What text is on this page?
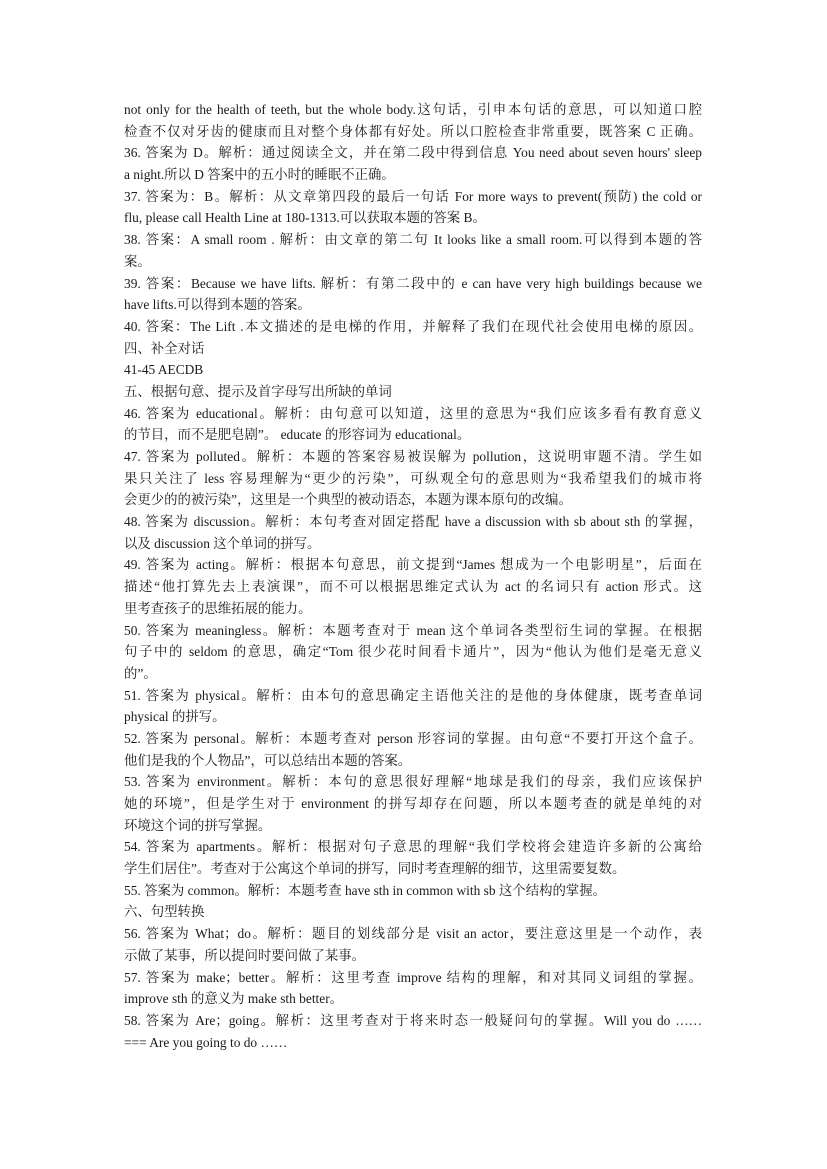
not only for the health of teeth, but the whole body.这句话，引申本句话的意思，可以知道口腔
检查不仅对牙齿的健康而且对整个身体都有好处。所以口腔检查非常重要，既答案 C 正确。
36. 答案为 D。解析：通过阅读全文，并在第二段中得到信息 You need about seven hours' sleep
a night.所以 D 答案中的五小时的睡眠不正确。
37. 答案为：B。解析：从文章第四段的最后一句话 For more ways to prevent(预防) the cold or
flu, please call Health Line at 180-1313.可以获取本题的答案 B。
38. 答案：A small room . 解析：由文章的第二句 It looks like a small room.可以得到本题的答
案。
39. 答案：Because we have lifts. 解析：有第二段中的 e can have very high buildings because we
have lifts.可以得到本题的答案。
40. 答案：The Lift .本文描述的是电梯的作用，并解释了我们在现代社会使用电梯的原因。
四、补全对话
41-45 AECDB
五、根据句意、提示及首字母写出所缺的单词
46. 答案为 educational。解析：由句意可以知道，这里的意思为“我们应该多看有教育意义
的节目，而不是肥皂剧”。 educate 的形容词为 educational。
47. 答案为 polluted。解析：本题的答案容易被误解为 pollution，这说明审题不清。学生如
果只关注了 less 容易理解为“更少的污染”，可纵观全句的意思则为“我希望我们的城市将
会更少的的被污染”，这里是一个典型的被动语态，本题为课本原句的改编。
48. 答案为 discussion。解析：本句考查对固定搭配 have a discussion with sb about sth 的掌握，
以及 discussion 这个单词的拼写。
49. 答案为 acting。解析：根据本句意思，前文提到“James 想成为一个电影明星”，后面在
描述“他打算先去上表演课”，而不可以根据思维定式认为 act 的名词只有 action 形式。这
里考查孩子的思维拓展的能力。
50. 答案为 meaningless。解析：本题考查对于 mean 这个单词各类型衍生词的掌握。在根据
句子中的 seldom 的意思，确定“Tom 很少花时间看卡通片”，因为“他认为他们是毫无意义
的”。
51. 答案为 physical。解析：由本句的意思确定主语他关注的是他的身体健康，既考查单词
physical 的拼写。
52. 答案为 personal。解析：本题考查对 person 形容词的掌握。由句意“不要打开这个盒子。
他们是我的个人物品”，可以总结出本题的答案。
53. 答案为 environment。解析：本句的意思很好理解“地球是我们的母亲，我们应该保护
她的环境”，但是学生对于 environment 的拼写却存在问题，所以本题考查的就是单纯的对
环境这个词的拼写掌握。
54. 答案为 apartments。解析：根据对句子意思的理解“我们学校将会建造许多新的公寓给
学生们居住”。考查对于公寓这个单词的拼写，同时考查理解的细节，这里需要复数。
55. 答案为 common。解析：本题考查 have sth in common with sb 这个结构的掌握。
六、句型转换
56. 答案为 What；do。解析：题目的划线部分是 visit an actor，要注意这里是一个动作，表
示做了某事，所以提问时要问做了某事。
57. 答案为 make；better。解析：这里考查 improve 结构的理解，和对其同义词组的掌握。
improve sth 的意义为 make sth better。
58. 答案为 Are；going。解析：这里考查对于将来时态一般疑问句的掌握。Will you do ……
=== Are you going to do ……
